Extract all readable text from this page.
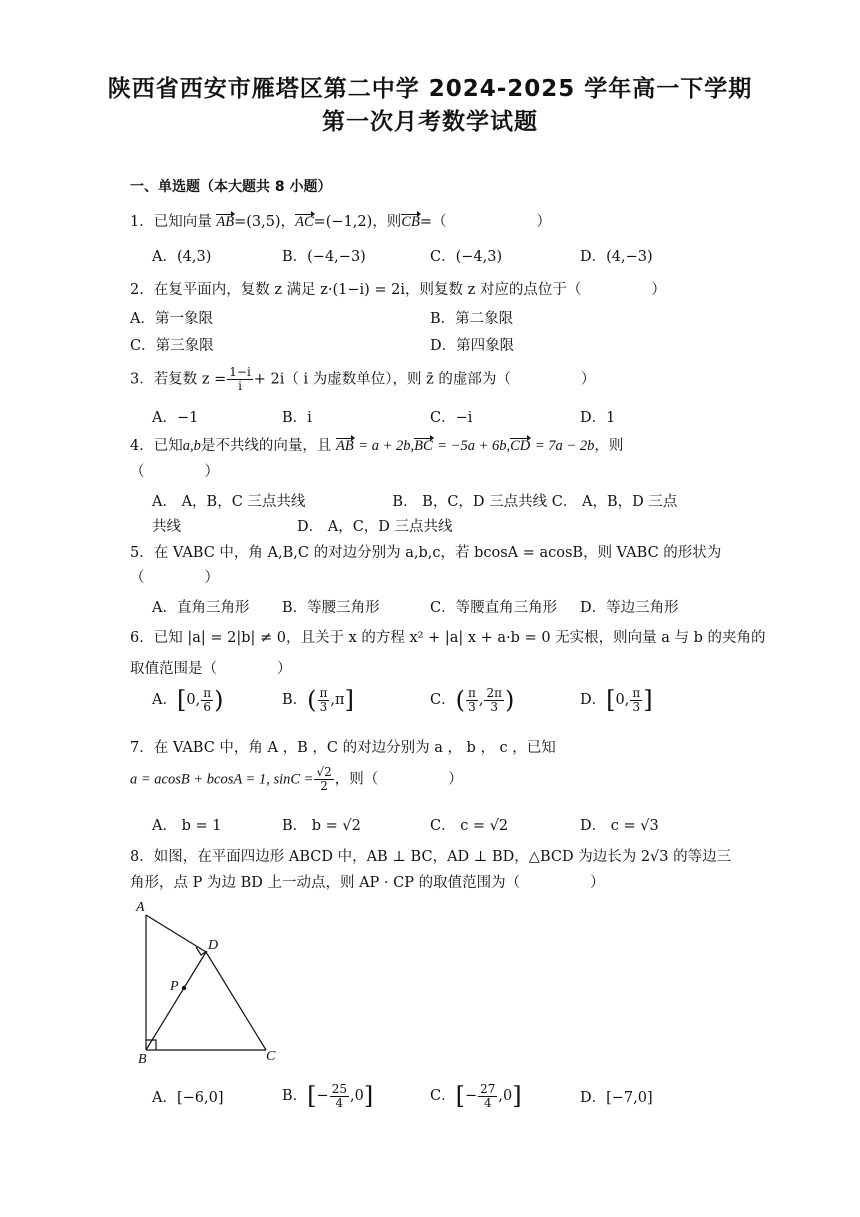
陕西省西安市雁塔区第二中学 2024-2025 学年高一下学期
第一次月考数学试题
一、单选题（本大题共 8 小题）
1．已知向量 AB=(3,5)，AC=(−1,2)，则CB=（	）
A．(4,3)	B．(−4,−3)	C．(−4,3)	D．(4,−3)
2．在复平面内，复数 z 满足 z·(1−i) = 2i，则复数 z 对应的点位于（	）
A．第一象限	B．第二象限
C．第三象限	D．第四象限
3．若复数 $z = \frac{1-i}{i} + 2i$（ i 为虚数单位），则 z̄ 的虚部为（	）
A．−1	B．i	C．−i	D．1
4．已知a,b是不共线的向量，且 AB = a + 2b,BC = −5a + 6b,CD = 7a − 2b，则
（	）
A． A，B，C 三点共线　　　　　　B． B，C，D 三点共线 C． A，B，D 三点
共线　　　　　　　　D． A，C，D 三点共线
5．在 VABC 中，角 A,B,C 的对边分别为 a,b,c，若 bcosA = acosB，则 VABC 的形状为
（	）
A．直角三角形 B．等腰三角形	C．等腰直角三角形 D．等边三角形
6．已知 |a| = 2|b| ≠ 0，且关于 x 的方程 x² + |a| x + a·b = 0 无实根，则向量 a 与 b 的夹角的
取值范围是（	）
A．[0, $\frac{\pi}{6}$ )	B．( $\frac{\pi}{3} ,\pi$]	C．( $\frac{\pi}{3}$ , $\frac{2\pi}{3}$ )	D．[0, $\frac{\pi}{3}$ ]
7．在 VABC 中，角 A ，B ，C 的对边分别为 a ， b ， c ，已知
a = acosB + bcosA = 1, $\sin C = \frac{√2}{2}$ ，则（	）
A． b = 1	B． b = √2	C． c = √2	D． c = √3
8．如图，在平面四边形 ABCD 中，AB ⊥ BC，AD ⊥ BD，△BCD 为边长为 2√3 的等边三
角形，点 P 为边 BD 上一动点，则 AP · CP 的取值范围为（	）
A
B	C
D
P
A．[−6,0]	B．[− $\frac{25}{4} ,0$]	C．[− $\frac{27}{4} ,0$]	D．[−7,0]
